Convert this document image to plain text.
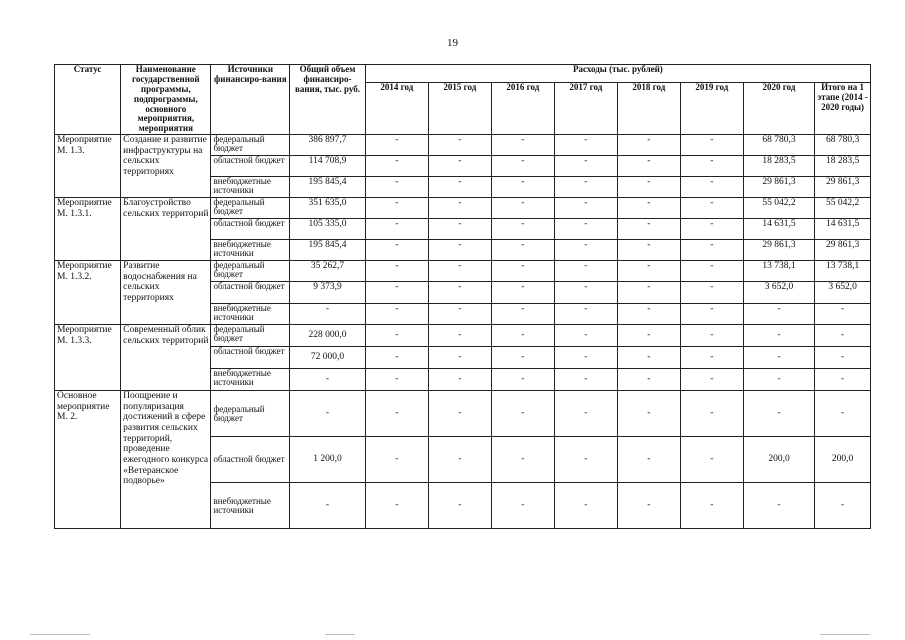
19
Статус	Наименование государственной программы, подпрограммы, основного мероприятия, мероприятия	Источники финансиро-вания	Общий объем финансиро-вания, тыс. руб.	Расходы (тыс. рублей)							
				2014 год	2015 год	2016 год	2017 год	2018 год	2019 год	2020 год	Итого на 1 этапе (2014 - 2020 годы)
Мероприятие М. 1.3.	Создание и развитие инфраструктуры на сельских территориях	федеральный бюджет	386 897,7	-	-	-	-	-	-	68 780,3	68 780,3
		областной бюджет	114 708,9	-	-	-	-	-	-	18 283,5	18 283,5
		внебюджетные источники	195 845,4	-	-	-	-	-	-	29 861,3	29 861,3
Мероприятие М. 1.3.1.	Благоустройство сельских территорий	федеральный бюджет	351 635,0	-	-	-	-	-	-	55 042,2	55 042,2
		областной бюджет	105 335,0	-	-	-	-	-	-	14 631,5	14 631,5
		внебюджетные источники	195 845,4	-	-	-	-	-	-	29 861,3	29 861,3
Мероприятие М. 1.3.2.	Развитие водоснабжения на сельских территориях	федеральный бюджет	35 262,7	-	-	-	-	-	-	13 738,1	13 738,1
		областной бюджет	9 373,9	-	-	-	-	-	-	3 652,0	3 652,0
		внебюджетные источники	-	-	-	-	-	-	-	-	-
Мероприятие М. 1.3.3.	Современный облик сельских территорий	федеральный бюджет	228 000,0	-	-	-	-	-	-	-	-
		областной бюджет	72 000,0	-	-	-	-	-	-	-	-
		внебюджетные источники	-	-	-	-	-	-	-	-	-
Основное мероприятие М. 2.	Поощрение и популяризация достижений в сфере развития сельских территорий, проведение ежегодного конкурса «Ветеранское подворье»	федеральный бюджет	-	-	-	-	-	-	-	-	-
		областной бюджет	1 200,0	-	-	-	-	-	-	200,0	200,0
		внебюджетные источники	-	-	-	-	-	-	-	-	-
